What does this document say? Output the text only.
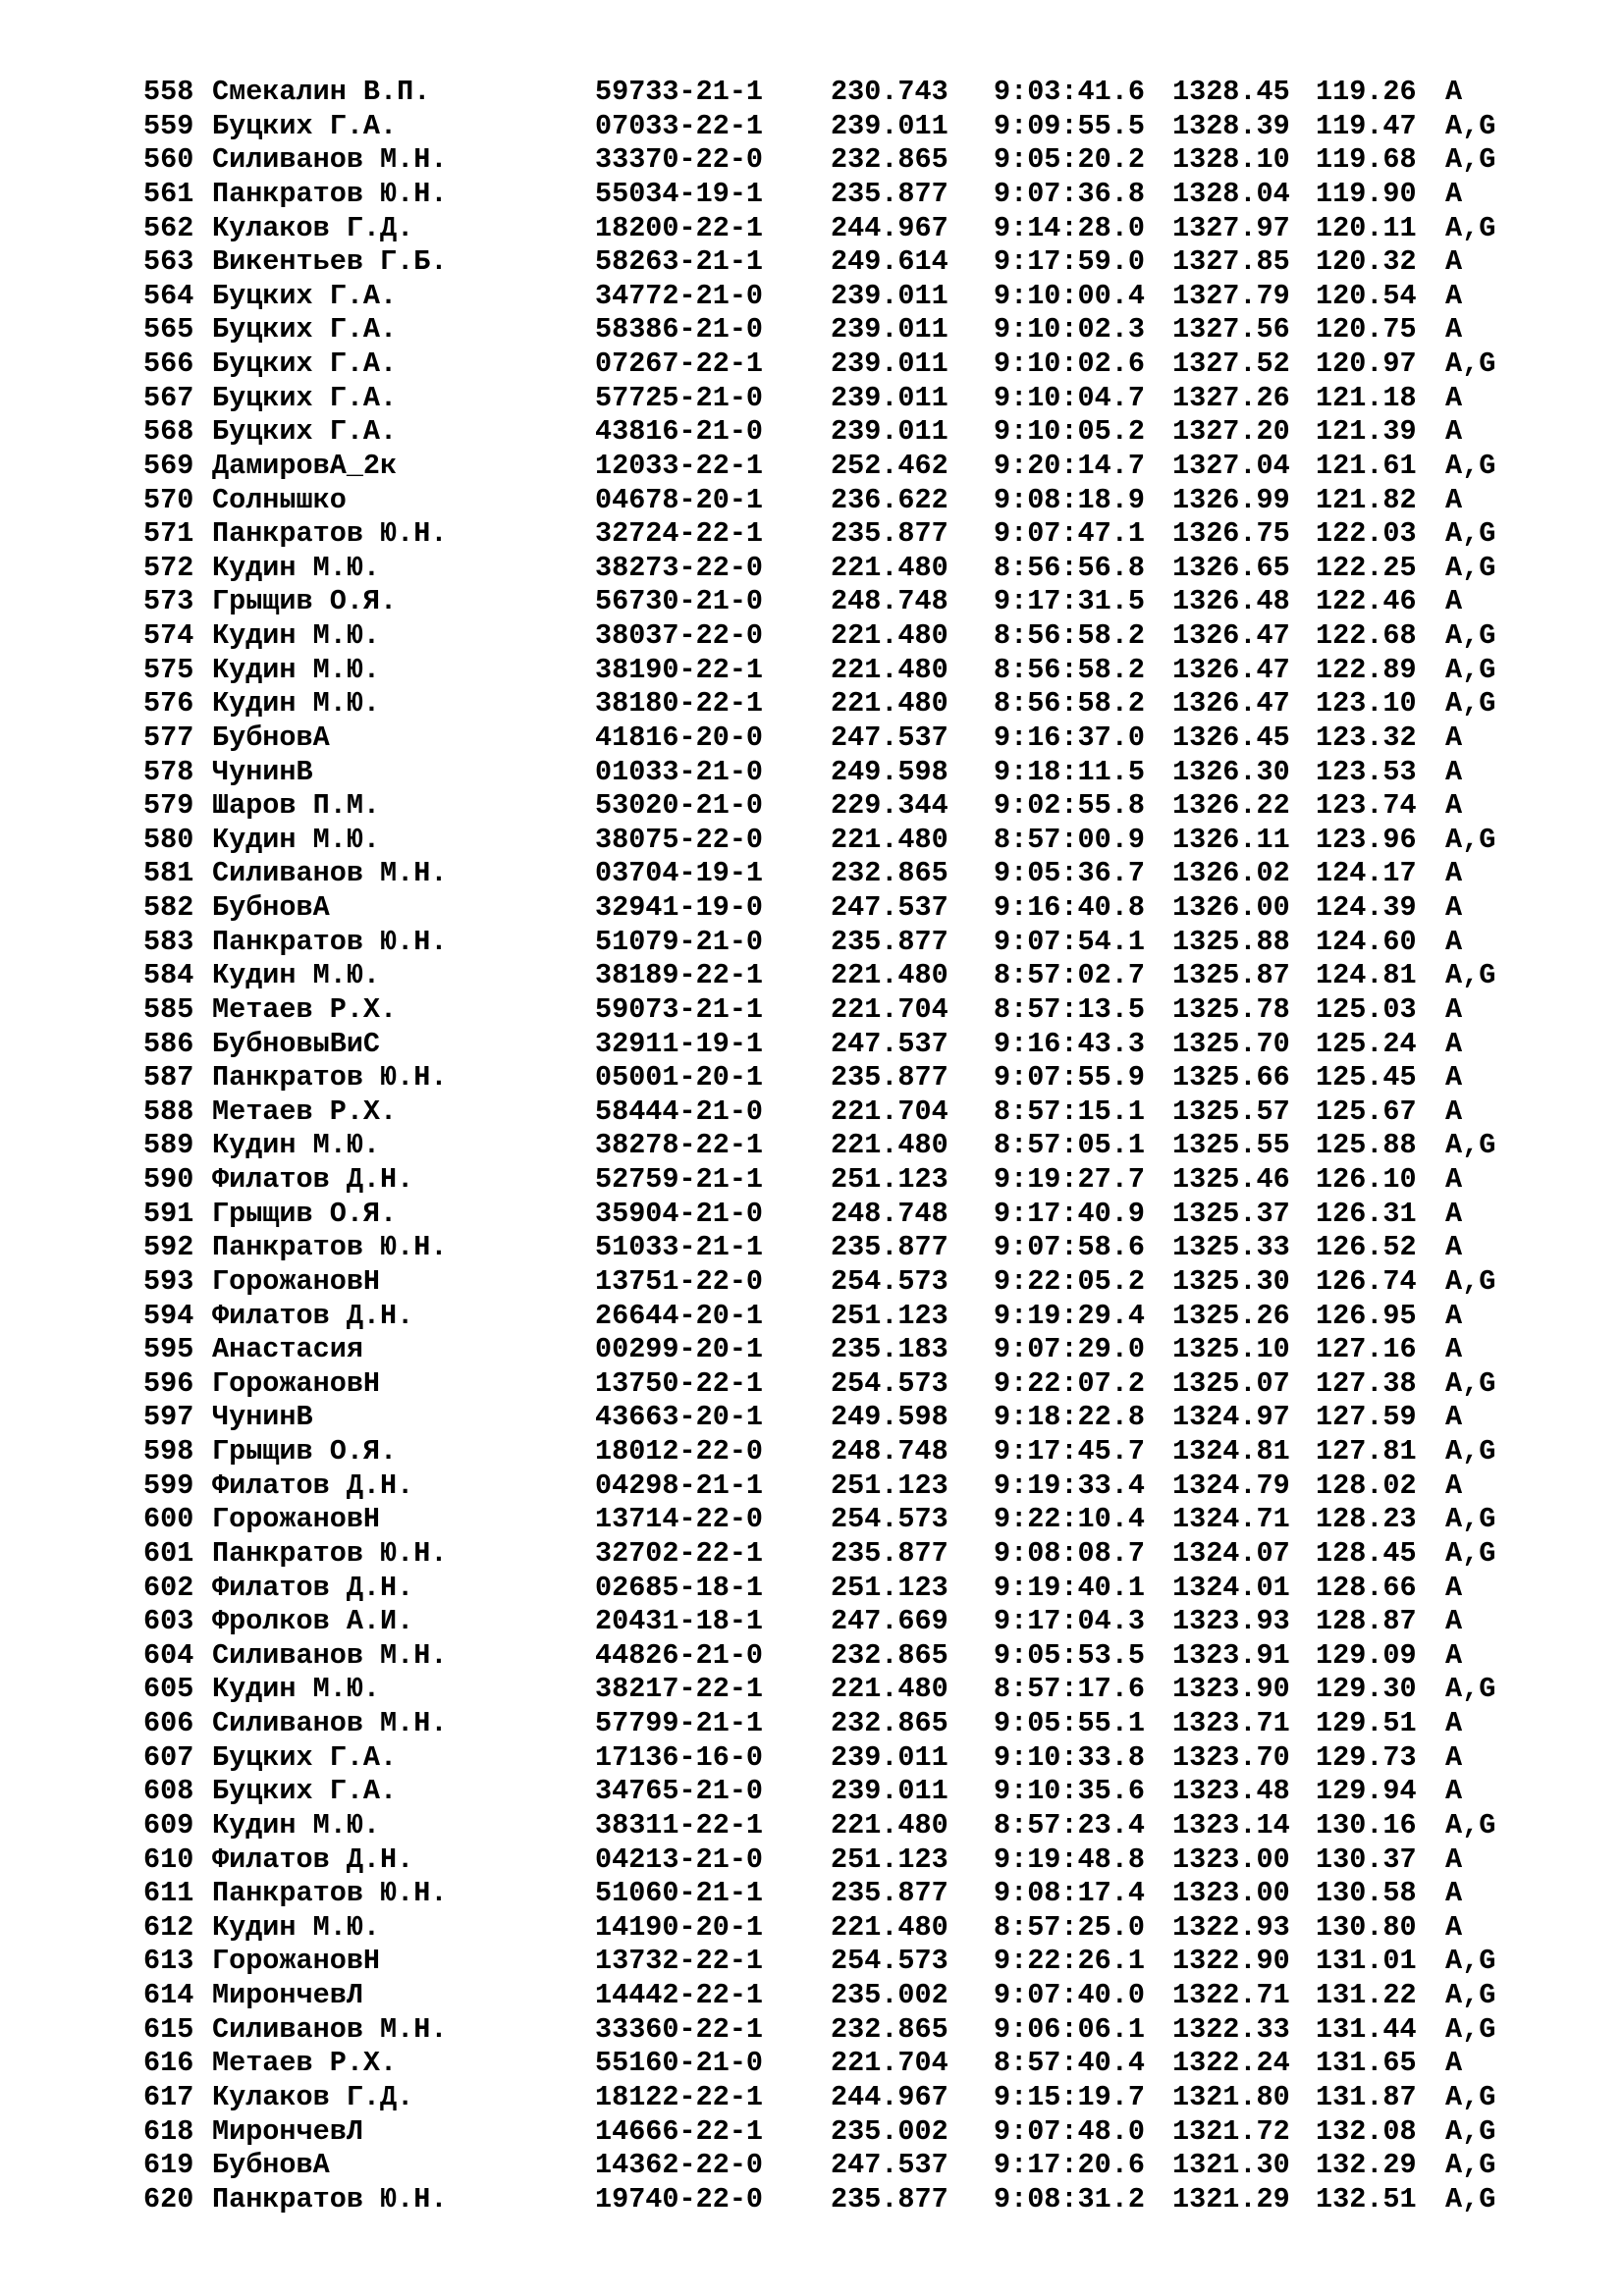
558 Смекалин В.П.	59733-21-1 230.743 9:03:41.6 1328.45 119.26 A
559 Буцких Г.А.	07033-22-1 239.011 9:09:55.5 1328.39 119.47 A,G
560 Силиванов М.Н.	33370-22-0 232.865 9:05:20.2 1328.10 119.68 A,G
561 Панкратов Ю.Н.	55034-19-1 235.877 9:07:36.8 1328.04 119.90 A
562 Кулаков Г.Д.	18200-22-1 244.967 9:14:28.0 1327.97 120.11 A,G
563 Викентьев Г.Б.	58263-21-1 249.614 9:17:59.0 1327.85 120.32 A
564 Буцких Г.А.	34772-21-0 239.011 9:10:00.4 1327.79 120.54 A
565 Буцких Г.А.	58386-21-0 239.011 9:10:02.3 1327.56 120.75 A
566 Буцких Г.А.	07267-22-1 239.011 9:10:02.6 1327.52 120.97 A,G
567 Буцких Г.А.	57725-21-0 239.011 9:10:04.7 1327.26 121.18 A
568 Буцких Г.А.	43816-21-0 239.011 9:10:05.2 1327.20 121.39 A
569 ДамировА_2к	12033-22-1 252.462 9:20:14.7 1327.04 121.61 A,G
570 Солнышко	04678-20-1 236.622 9:08:18.9 1326.99 121.82 A
571 Панкратов Ю.Н.	32724-22-1 235.877 9:07:47.1 1326.75 122.03 A,G
572 Кудин М.Ю.	38273-22-0 221.480 8:56:56.8 1326.65 122.25 A,G
573 Грыщив О.Я.	56730-21-0 248.748 9:17:31.5 1326.48 122.46 A
574 Кудин М.Ю.	38037-22-0 221.480 8:56:58.2 1326.47 122.68 A,G
575 Кудин М.Ю.	38190-22-1 221.480 8:56:58.2 1326.47 122.89 A,G
576 Кудин М.Ю.	38180-22-1 221.480 8:56:58.2 1326.47 123.10 A,G
577 БубновА	41816-20-0 247.537 9:16:37.0 1326.45 123.32 A
578 ЧунинВ	01033-21-0 249.598 9:18:11.5 1326.30 123.53 A
579 Шаров П.М.	53020-21-0 229.344 9:02:55.8 1326.22 123.74 A
580 Кудин М.Ю.	38075-22-0 221.480 8:57:00.9 1326.11 123.96 A,G
581 Силиванов М.Н.	03704-19-1 232.865 9:05:36.7 1326.02 124.17 A
582 БубновА	32941-19-0 247.537 9:16:40.8 1326.00 124.39 A
583 Панкратов Ю.Н.	51079-21-0 235.877 9:07:54.1 1325.88 124.60 A
584 Кудин М.Ю.	38189-22-1 221.480 8:57:02.7 1325.87 124.81 A,G
585 Метаев Р.Х.	59073-21-1 221.704 8:57:13.5 1325.78 125.03 A
586 БубновыВиС	32911-19-1 247.537 9:16:43.3 1325.70 125.24 A
587 Панкратов Ю.Н.	05001-20-1 235.877 9:07:55.9 1325.66 125.45 A
588 Метаев Р.Х.	58444-21-0 221.704 8:57:15.1 1325.57 125.67 A
589 Кудин М.Ю.	38278-22-1 221.480 8:57:05.1 1325.55 125.88 A,G
590 Филатов Д.Н.	52759-21-1 251.123 9:19:27.7 1325.46 126.10 A
591 Грыщив О.Я.	35904-21-0 248.748 9:17:40.9 1325.37 126.31 A
592 Панкратов Ю.Н.	51033-21-1 235.877 9:07:58.6 1325.33 126.52 A
593 ГорожановН	13751-22-0 254.573 9:22:05.2 1325.30 126.74 A,G
594 Филатов Д.Н.	26644-20-1 251.123 9:19:29.4 1325.26 126.95 A
595 Анастасия	00299-20-1 235.183 9:07:29.0 1325.10 127.16 A
596 ГорожановН	13750-22-1 254.573 9:22:07.2 1325.07 127.38 A,G
597 ЧунинВ	43663-20-1 249.598 9:18:22.8 1324.97 127.59 A
598 Грыщив О.Я.	18012-22-0 248.748 9:17:45.7 1324.81 127.81 A,G
599 Филатов Д.Н.	04298-21-1 251.123 9:19:33.4 1324.79 128.02 A
600 ГорожановН	13714-22-0 254.573 9:22:10.4 1324.71 128.23 A,G
601 Панкратов Ю.Н.	32702-22-1 235.877 9:08:08.7 1324.07 128.45 A,G
602 Филатов Д.Н.	02685-18-1 251.123 9:19:40.1 1324.01 128.66 A
603 Фролков А.И.	20431-18-1 247.669 9:17:04.3 1323.93 128.87 A
604 Силиванов М.Н.	44826-21-0 232.865 9:05:53.5 1323.91 129.09 A
605 Кудин М.Ю.	38217-22-1 221.480 8:57:17.6 1323.90 129.30 A,G
606 Силиванов М.Н.	57799-21-1 232.865 9:05:55.1 1323.71 129.51 A
607 Буцких Г.А.	17136-16-0 239.011 9:10:33.8 1323.70 129.73 A
608 Буцких Г.А.	34765-21-0 239.011 9:10:35.6 1323.48 129.94 A
609 Кудин М.Ю.	38311-22-1 221.480 8:57:23.4 1323.14 130.16 A,G
610 Филатов Д.Н.	04213-21-0 251.123 9:19:48.8 1323.00 130.37 A
611 Панкратов Ю.Н.	51060-21-1 235.877 9:08:17.4 1323.00 130.58 A
612 Кудин М.Ю.	14190-20-1 221.480 8:57:25.0 1322.93 130.80 A
613 ГорожановН	13732-22-1 254.573 9:22:26.1 1322.90 131.01 A,G
614 МирончевЛ	14442-22-1 235.002 9:07:40.0 1322.71 131.22 A,G
615 Силиванов М.Н.	33360-22-1 232.865 9:06:06.1 1322.33 131.44 A,G
616 Метаев Р.Х.	55160-21-0 221.704 8:57:40.4 1322.24 131.65 A
617 Кулаков Г.Д.	18122-22-1 244.967 9:15:19.7 1321.80 131.87 A,G
618 МирончевЛ	14666-22-1 235.002 9:07:48.0 1321.72 132.08 A,G
619 БубновА	14362-22-0 247.537 9:17:20.6 1321.30 132.29 A,G
620 Панкратов Ю.Н.	19740-22-0 235.877 9:08:31.2 1321.29 132.51 A,G
